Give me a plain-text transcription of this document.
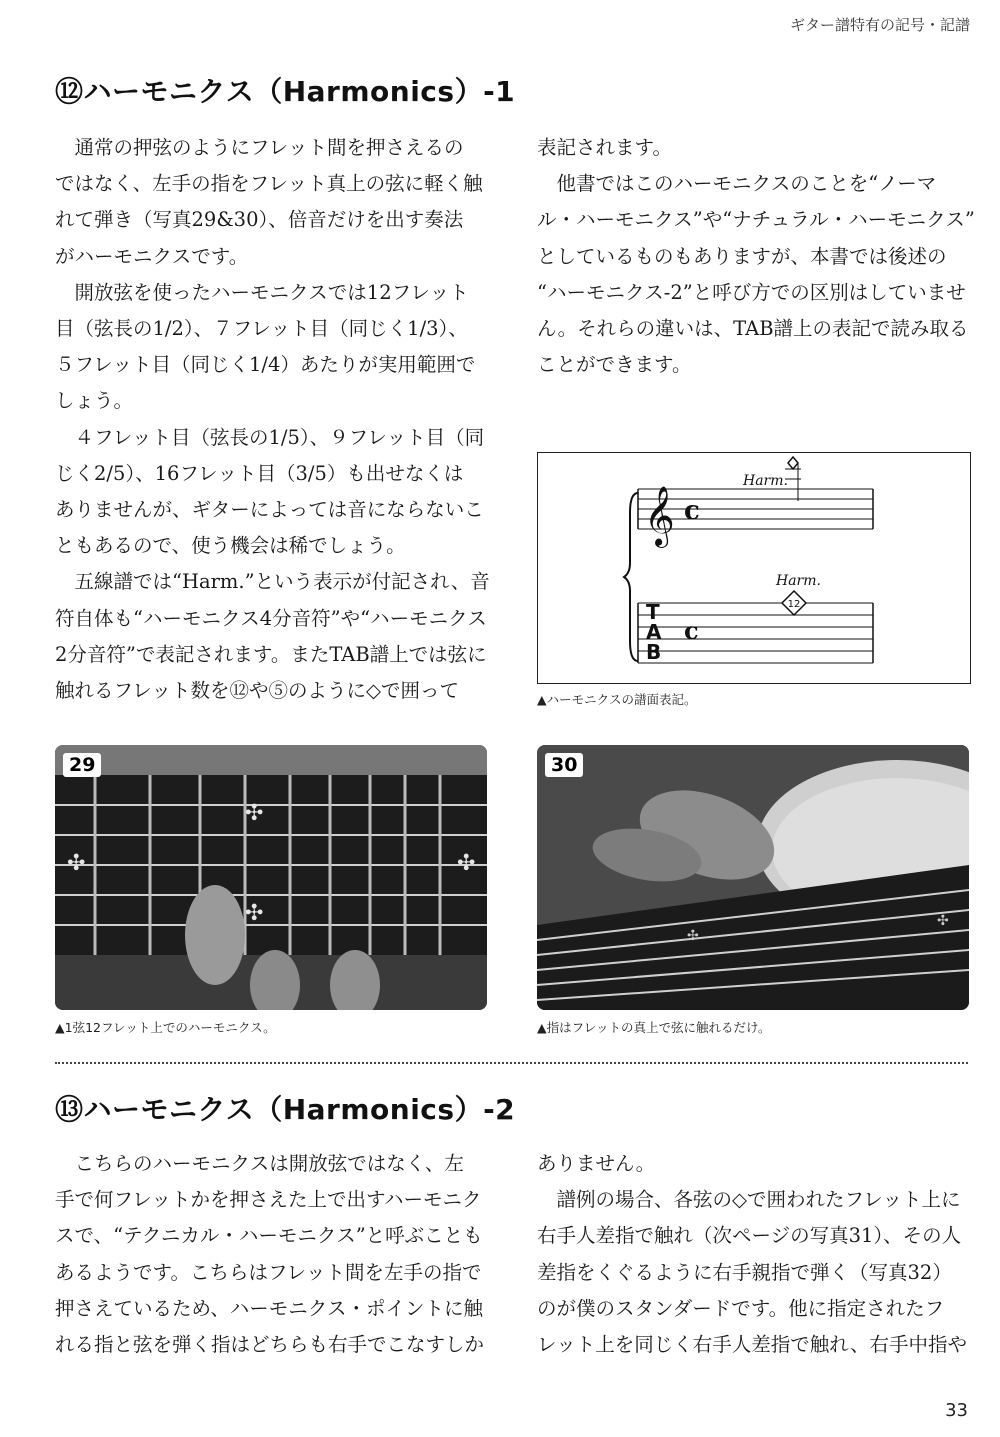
ギター譜特有の記号・記譜
⑫ハーモニクス（Harmonics）-1
　通常の押弦のようにフレット間を押さえるの
ではなく、左手の指をフレット真上の弦に軽く触
れて弾き（写真29&30）、倍音だけを出す奏法
がハーモニクスです。
　開放弦を使ったハーモニクスでは12フレット
目（弦長の1/2）、７フレット目（同じく1/3）、
５フレット目（同じく1/4）あたりが実用範囲で
しょう。
　４フレット目（弦長の1/5）、９フレット目（同
じく2/5）、16フレット目（3/5）も出せなくは
ありませんが、ギターによっては音にならないこ
ともあるので、使う機会は稀でしょう。
　五線譜では“Harm.”という表示が付記され、音
符自体も“ハーモニクス4分音符”や“ハーモニクス
2分音符”で表記されます。またTAB譜上では弦に
触れるフレット数を⑫や⑤のように◇で囲って
表記されます。
　他書ではこのハーモニクスのことを“ノーマ
ル・ハーモニクス”や“ナチュラル・ハーモニクス”
としているものもありますが、本書では後述の
“ハーモニクス-2”と呼び方での区別はしていませ
ん。それらの違いは、TAB譜上の表記で読み取る
ことができます。
𝄞 c
Harm.
T
A
B
c
Harm.
12
▲ハーモニクスの譜面表記。
✣
✣
✣
✣
29
▲1弦12フレット上でのハーモニクス。
✣
✣
30
▲指はフレットの真上で弦に触れるだけ。
⑬ハーモニクス（Harmonics）-2
　こちらのハーモニクスは開放弦ではなく、左
手で何フレットかを押さえた上で出すハーモニク
スで、“テクニカル・ハーモニクス”と呼ぶことも
あるようです。こちらはフレット間を左手の指で
押さえているため、ハーモニクス・ポイントに触
れる指と弦を弾く指はどちらも右手でこなすしか
ありません。
　譜例の場合、各弦の◇で囲われたフレット上に
右手人差指で触れ（次ページの写真31）、その人
差指をくぐるように右手親指で弾く（写真32）
のが僕のスタンダードです。他に指定されたフ
レット上を同じく右手人差指で触れ、右手中指や
33
